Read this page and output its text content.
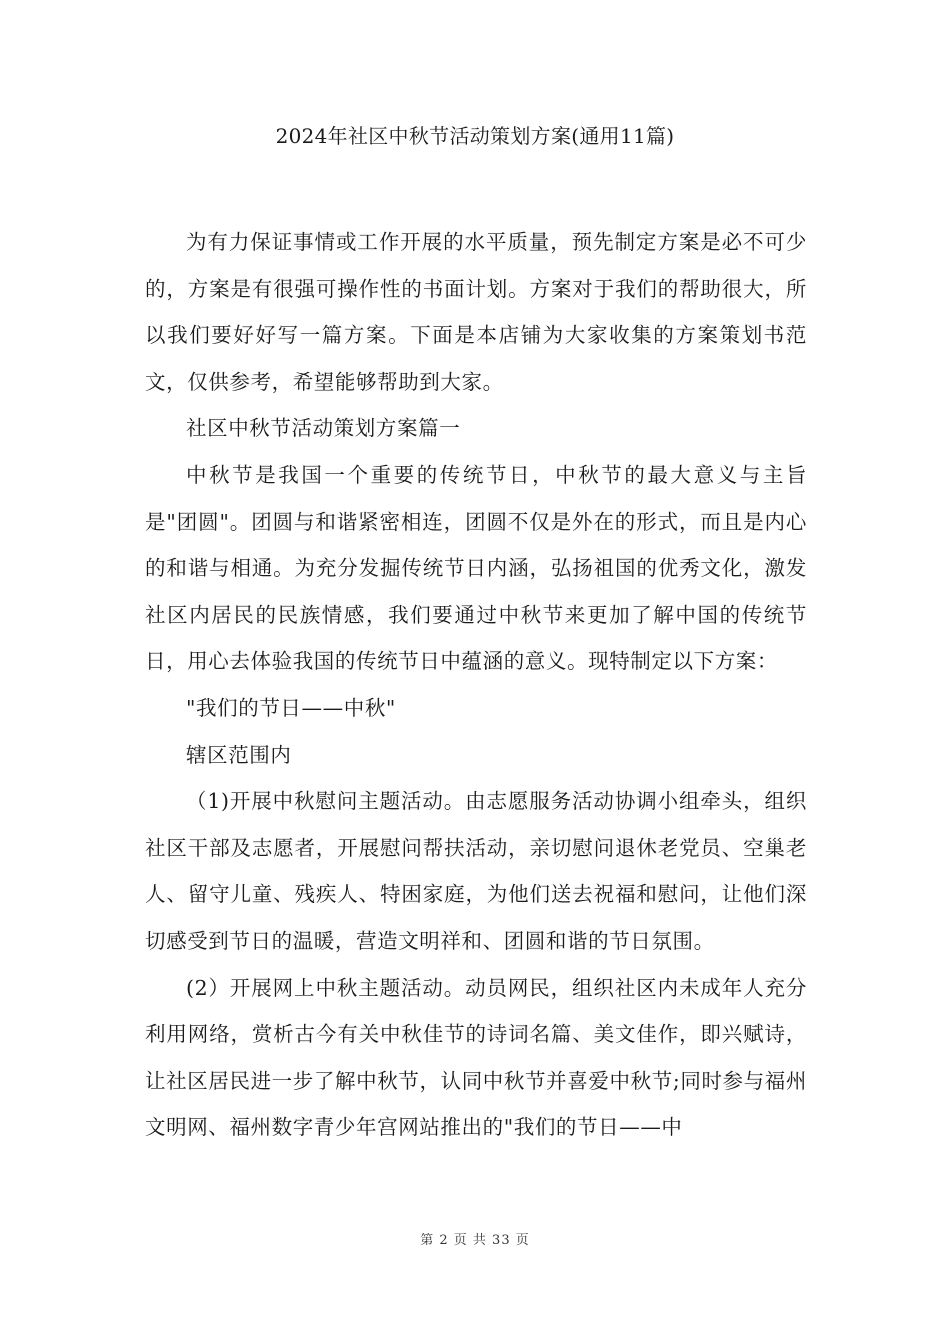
2024年社区中秋节活动策划方案(通用11篇)

为有力保证事情或工作开展的水平质量，预先制定方案是必不可少的，方案是有很强可操作性的书面计划。方案对于我们的帮助很大，所以我们要好好写一篇方案。下面是本店铺为大家收集的方案策划书范文，仅供参考，希望能够帮助到大家。

社区中秋节活动策划方案篇一

中秋节是我国一个重要的传统节日，中秋节的最大意义与主旨是"团圆"。团圆与和谐紧密相连，团圆不仅是外在的形式，而且是内心的和谐与相通。为充分发掘传统节日内涵，弘扬祖国的优秀文化，激发社区内居民的民族情感，我们要通过中秋节来更加了解中国的传统节日，用心去体验我国的传统节日中蕴涵的意义。现特制定以下方案：

"我们的节日——中秋"

辖区范围内

（1)开展中秋慰问主题活动。由志愿服务活动协调小组牵头，组织社区干部及志愿者，开展慰问帮扶活动，亲切慰问退休老党员、空巢老人、留守儿童、残疾人、特困家庭，为他们送去祝福和慰问，让他们深切感受到节日的温暖，营造文明祥和、团圆和谐的节日氛围。

(2）开展网上中秋主题活动。动员网民，组织社区内未成年人充分利用网络，赏析古今有关中秋佳节的诗词名篇、美文佳作，即兴赋诗，让社区居民进一步了解中秋节，认同中秋节并喜爱中秋节;同时参与福州文明网、福州数字青少年宫网站推出的"我们的节日——中

第 2 页 共 33 页
